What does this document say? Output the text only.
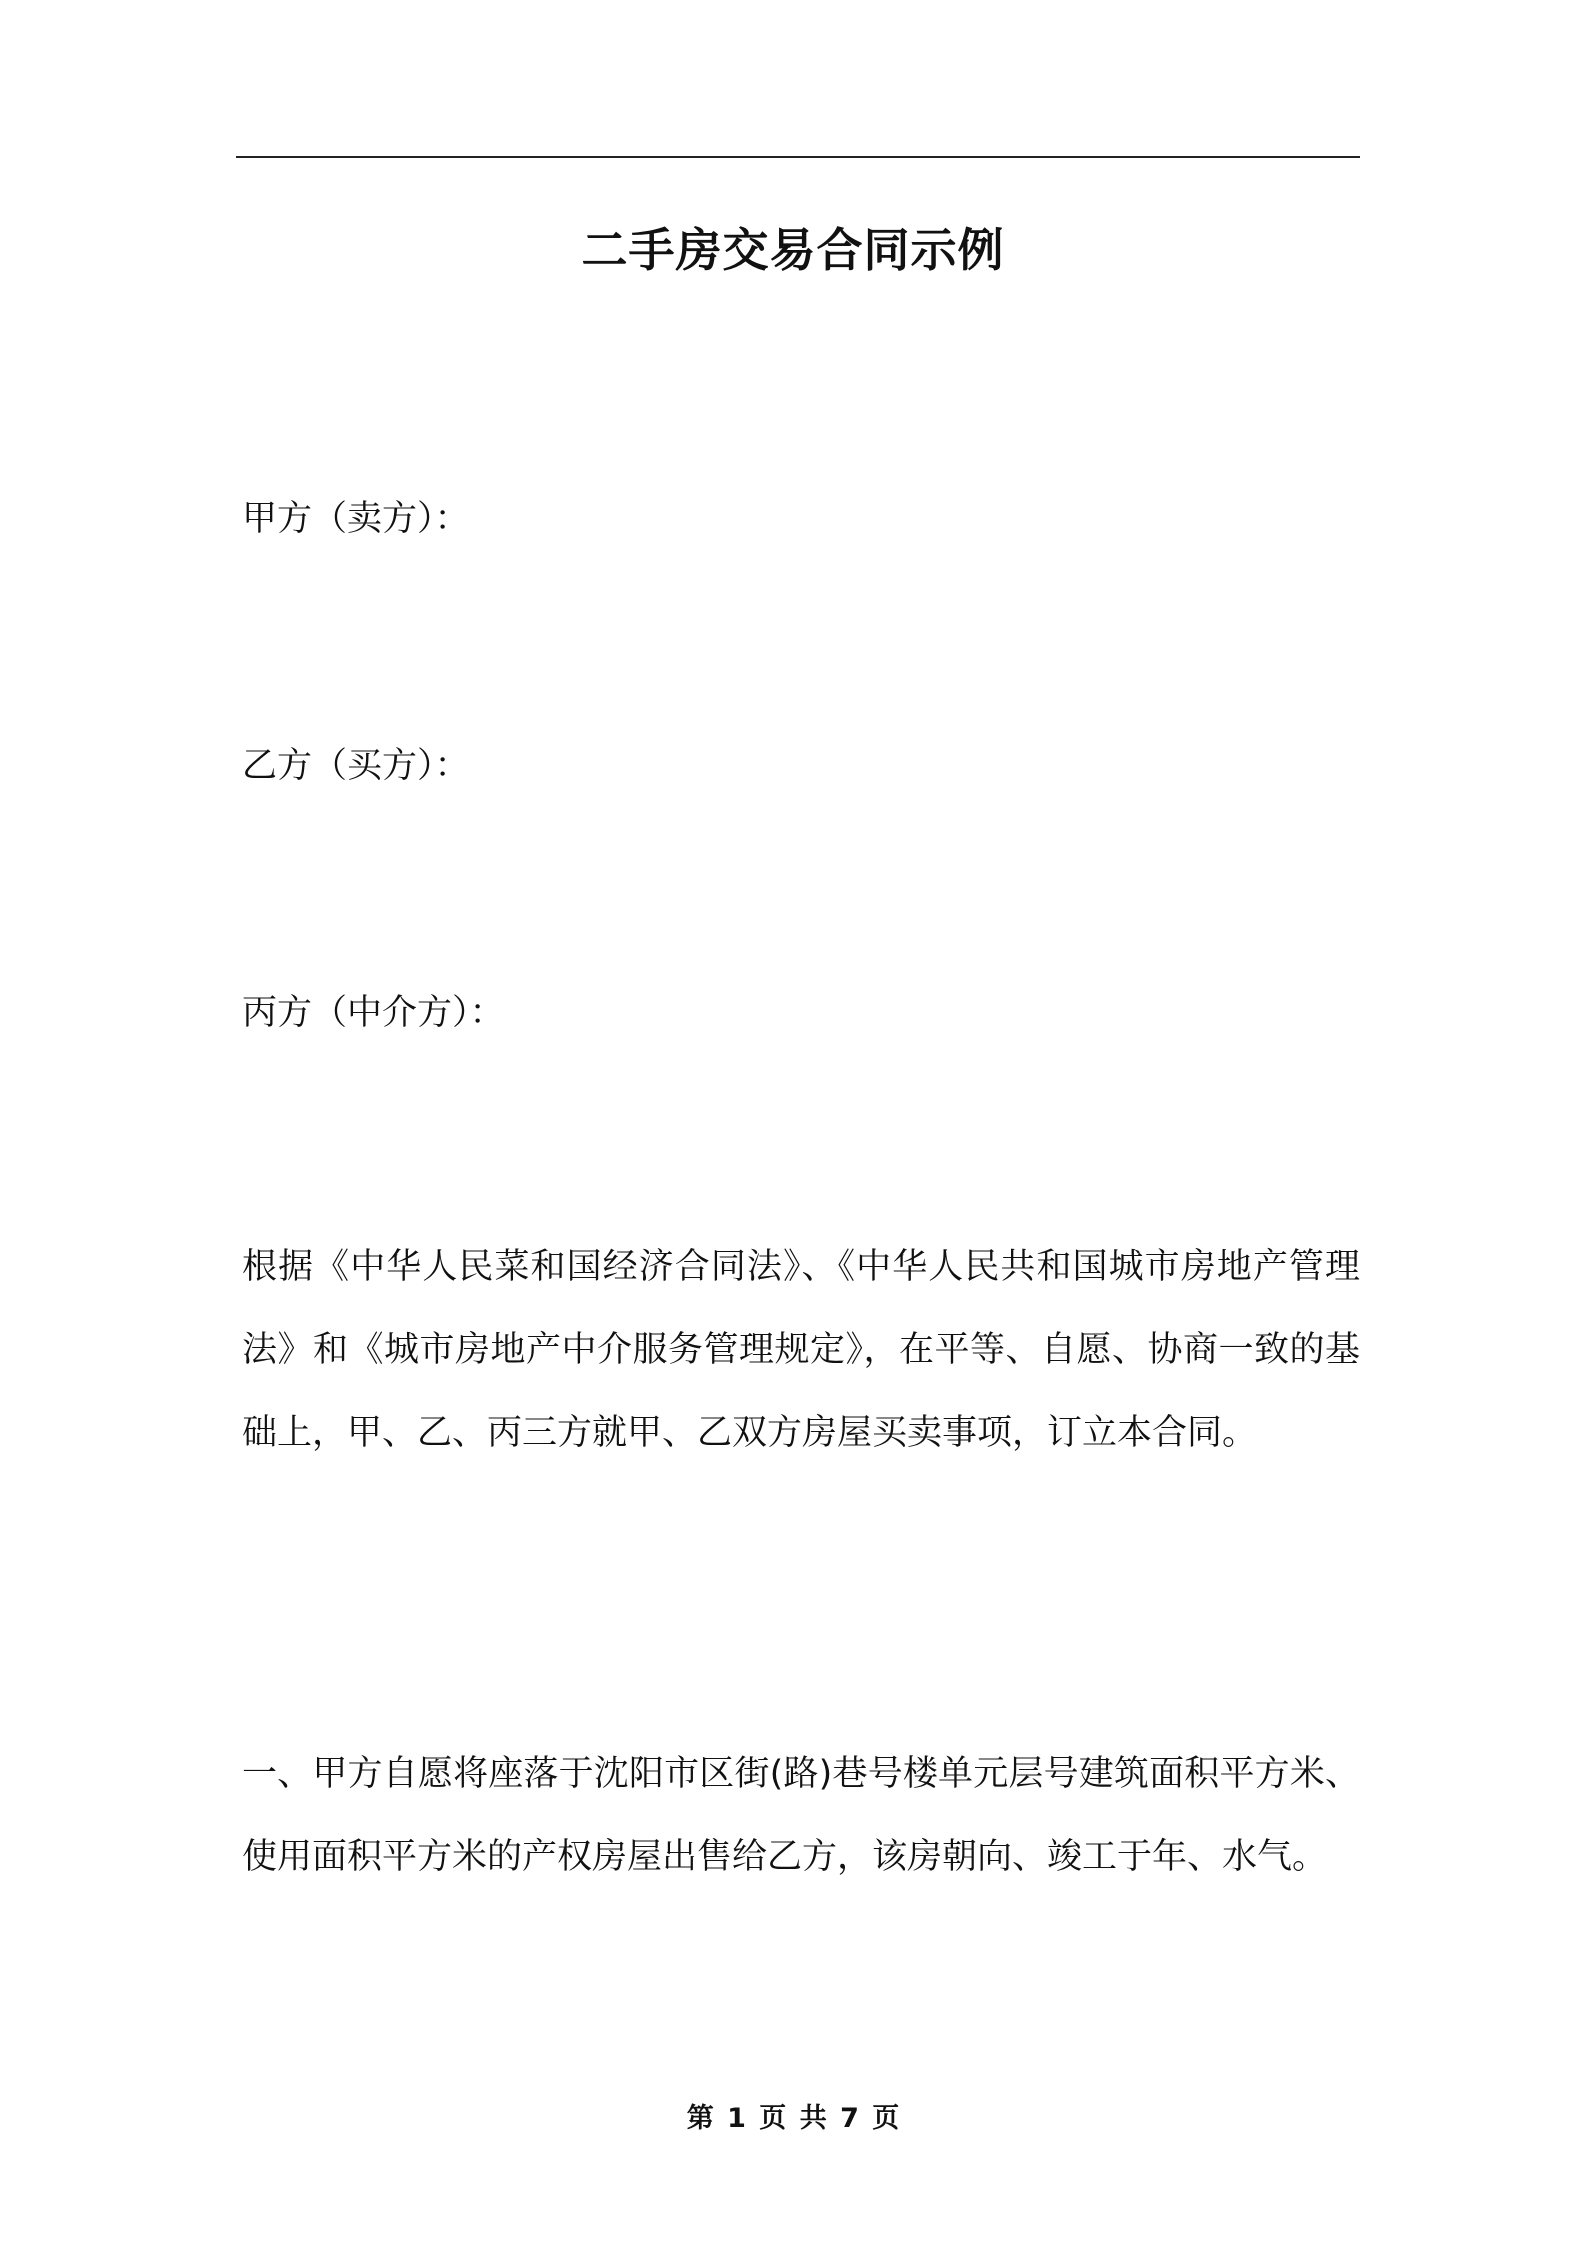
二手房交易合同示例
甲方（卖方）：
乙方（买方）：
丙方（中介方）：
根据《中华人民菜和国经济合同法》、《中华人民共和国城市房地产管理法》和《城市房地产中介服务管理规定》，在平等、自愿、协商一致的基础上，甲、乙、丙三方就甲、乙双方房屋买卖事项，订立本合同。
一、甲方自愿将座落于沈阳市区街(路)巷号楼单元层号建筑面积平方米、使用面积平方米的产权房屋出售给乙方，该房朝向、竣工于年、水气。
第 1 页 共 7 页
